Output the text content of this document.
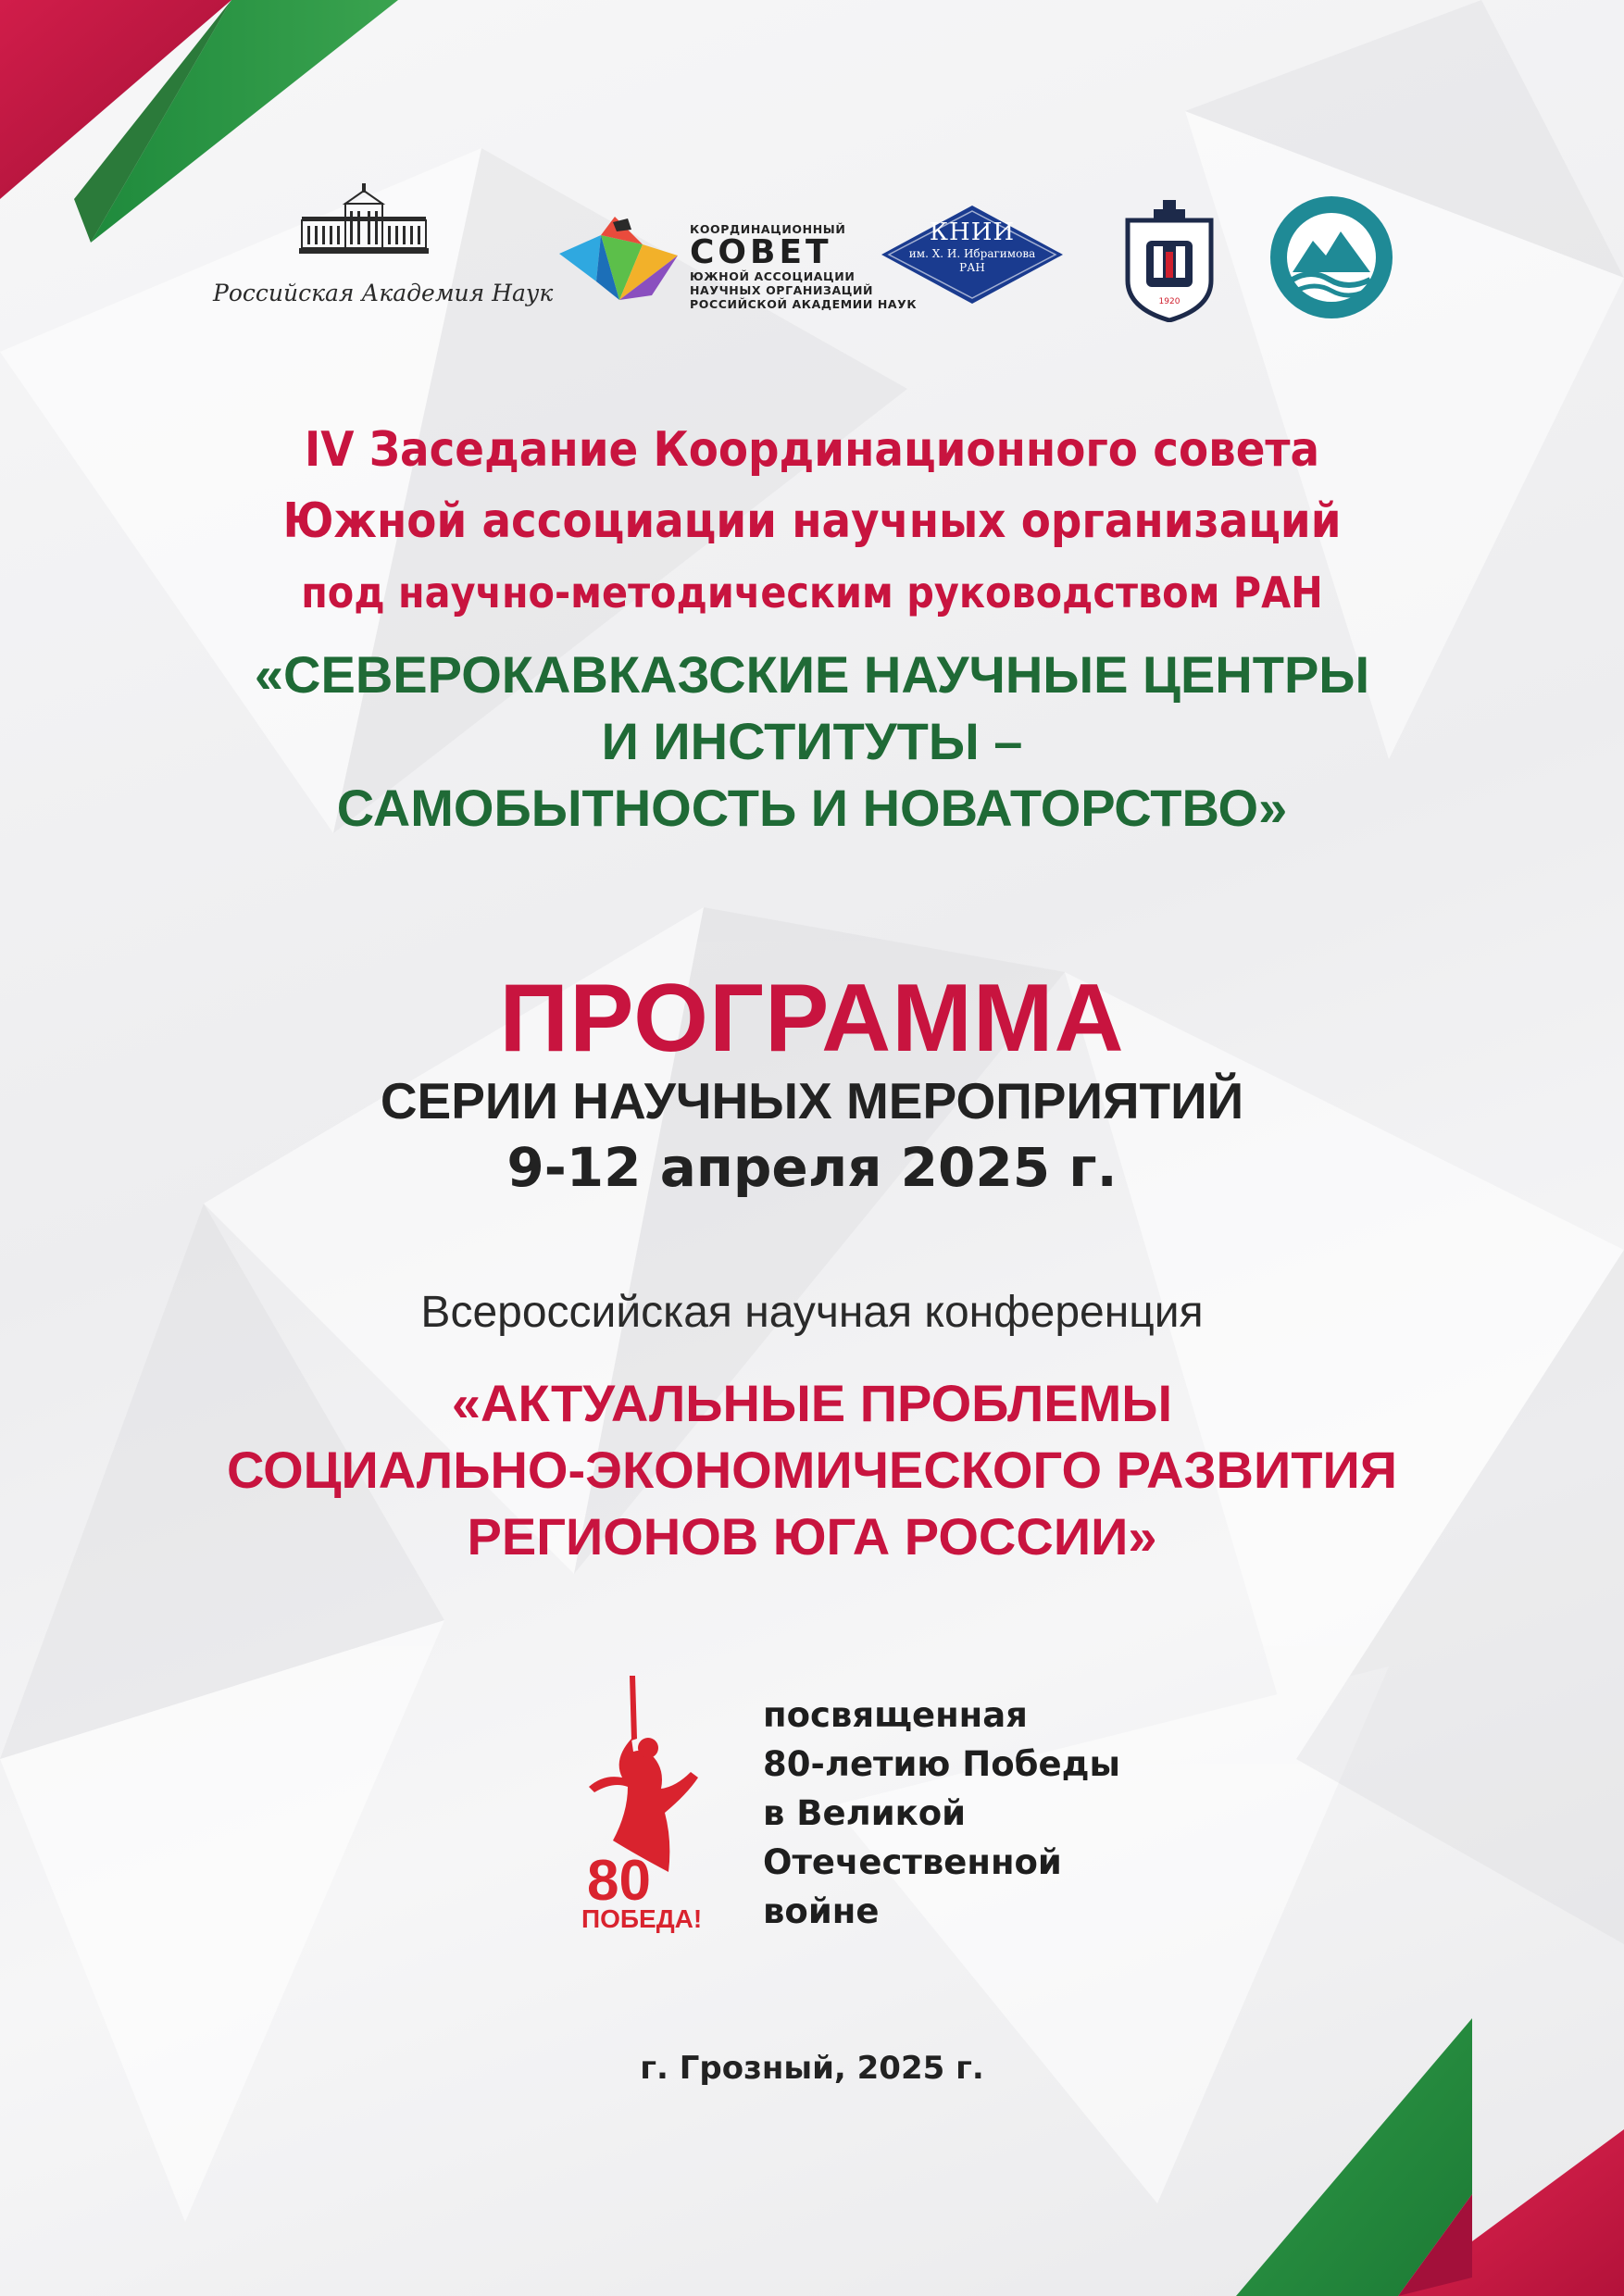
1920
Российская Академия Наук
КООРДИНАЦИОННЫЙ
СОВЕТ
ЮЖНОЙ АССОЦИАЦИИ
НАУЧНЫХ ОРГАНИЗАЦИЙ
РОССИЙСКОЙ АКАДЕМИИ НАУК
КНИИ
им. Х. И. Ибрагимова
РАН
IV Заседание Координационного совета
Южной ассоциации научных организаций
под научно-методическим руководством РАН
«СЕВЕРОКАВКАЗСКИЕ НАУЧНЫЕ ЦЕНТРЫ
И ИНСТИТУТЫ –
САМОБЫТНОСТЬ И НОВАТОРСТВО»
ПРОГРАММА
СЕРИИ НАУЧНЫХ МЕРОПРИЯТИЙ
9-12 апреля 2025 г.
Всероссийская научная конференция
«АКТУАЛЬНЫЕ ПРОБЛЕМЫ
СОЦИАЛЬНО-ЭКОНОМИЧЕСКОГО РАЗВИТИЯ
РЕГИОНОВ ЮГА РОССИИ»
80
ПОБЕДА!
посвященная
80-летию Победы
в Великой
Отечественной
войне
г. Грозный, 2025 г.
